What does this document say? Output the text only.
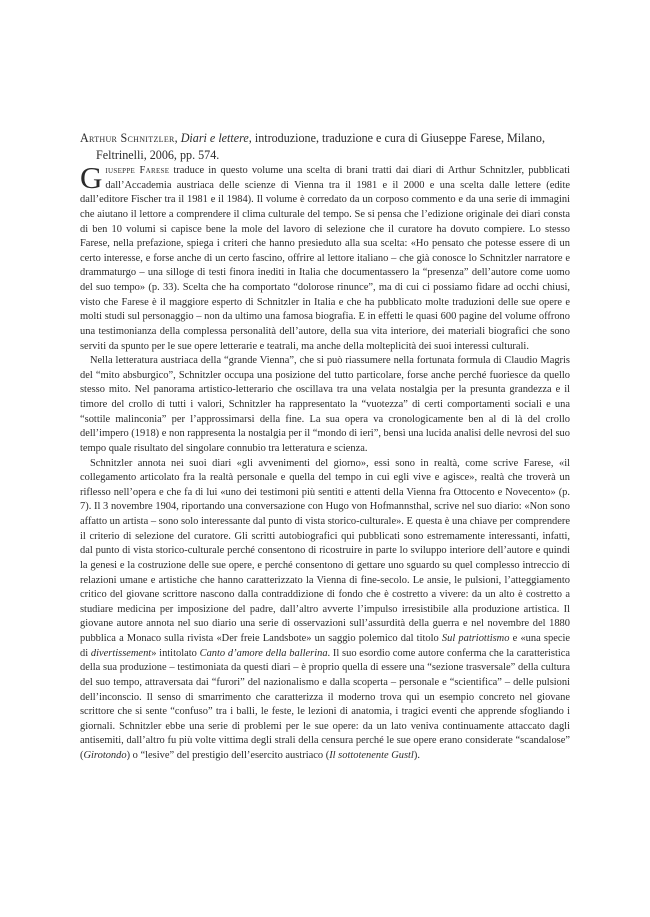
Arthur Schnitzler, Diari e lettere, introduzione, traduzione e cura di Giuseppe Farese, Milano, Feltrinelli, 2006, pp. 574.

Giuseppe Farese traduce in questo volume una scelta di brani tratti dai diari di Arthur Schnitzler, pubblicati dall’Accademia austriaca delle scienze di Vienna tra il 1981 e il 2000 e una scelta dalle lettere (edite dall’editore Fischer tra il 1981 e il 1984). Il volume è corredato da un corposo commento e da una serie di immagini che aiutano il lettore a comprendere il clima culturale del tempo. Se si pensa che l’edizione originale dei diari consta di ben 10 volumi si capisce bene la mole del lavoro di selezione che il curatore ha dovuto compiere. Lo stesso Farese, nella prefazione, spiega i criteri che hanno presieduto alla sua scelta: «Ho pensato che potesse essere di un certo interesse, e forse anche di un certo fascino, offrire al lettore italiano – che già conosce lo Schnitzler narratore e drammaturgo – una silloge di testi finora inediti in Italia che documentassero la “presenza” dell’autore come uomo del suo tempo» (p. 33). Scelta che ha comportato “dolorose rinunce”, ma di cui ci possiamo fidare ad occhi chiusi, visto che Farese è il maggiore esperto di Schnitzler in Italia e che ha pubblicato molte traduzioni delle sue opere e molti studi sul personaggio – non da ultimo una famosa biografia. E in effetti le quasi 600 pagine del volume offrono una testimonianza della complessa personalità dell’autore, della sua vita interiore, dei materiali biografici che sono serviti da spunto per le sue opere letterarie e teatrali, ma anche della molteplicità dei suoi interessi culturali.

Nella letteratura austriaca della “grande Vienna”, che si può riassumere nella fortunata formula di Claudio Magris del “mito absburgico”, Schnitzler occupa una posizione del tutto particolare, forse anche perché fuoriesce da quello stesso mito. Nel panorama artistico-letterario che oscillava tra una velata nostalgia per la presunta grandezza e il timore del crollo di tutti i valori, Schnitzler ha rappresentato la “vuotezza” di certi comportamenti sociali e una “sottile malinconia” per l’approssimarsi della fine. La sua opera va cronologicamente ben al di là del crollo dell’impero (1918) e non rappresenta la nostalgia per il “mondo di ieri”, bensì una lucida analisi delle nevrosi del suo tempo quale risultato del singolare connubio tra letteratura e scienza.

Schnitzler annota nei suoi diari «gli avvenimenti del giorno», essi sono in realtà, come scrive Farese, «il collegamento articolato fra la realtà personale e quella del tempo in cui egli vive e agisce», realtà che troverà un riflesso nell’opera e che fa di lui «uno dei testimoni più sentiti e attenti della Vienna fra Ottocento e Novecento» (p. 7). Il 3 novembre 1904, riportando una conversazione con Hugo von Hofmannsthal, scrive nel suo diario: «Non sono affatto un artista – sono solo interessante dal punto di vista storico-culturale». E questa è una chiave per comprendere il criterio di selezione del curatore. Gli scritti autobiografici qui pubblicati sono estremamente interessanti, infatti, dal punto di vista storico-culturale perché consentono di ricostruire in parte lo sviluppo interiore dell’autore e quindi la genesi e la costruzione delle sue opere, e perché consentono di gettare uno sguardo su quel complesso intreccio di relazioni umane e artistiche che hanno caratterizzato la Vienna di fine-secolo. Le ansie, le pulsioni, l’atteggiamento critico del giovane scrittore nascono dalla contraddizione di fondo che è costretto a vivere: da un alto è costretto a studiare medicina per imposizione del padre, dall’altro avverte l’impulso irresistibile alla produzione artistica. Il giovane autore annota nel suo diario una serie di osservazioni sull’assurdità della guerra e nel novembre del 1880 pubblica a Monaco sulla rivista «Der freie Landsbote» un saggio polemico dal titolo Sul patriottismo e «una specie di divertissement» intitolato Canto d’amore della ballerina. Il suo esordio come autore conferma che la caratteristica della sua produzione – testimoniata da questi diari – è proprio quella di essere una “sezione trasversale” della cultura del suo tempo, attraversata dai “furori” del nazionalismo e dalla scoperta – personale e “scientifica” – delle pulsioni dell’inconscio. Il senso di smarrimento che caratterizza il moderno trova qui un esempio concreto nel giovane scrittore che si sente “confuso” tra i balli, le feste, le lezioni di anatomia, i tragici eventi che apprende sfogliando i giornali. Schnitzler ebbe una serie di problemi per le sue opere: da un lato veniva continuamente attaccato dagli antisemiti, dall’altro fu più volte vittima degli strali della censura perché le sue opere erano considerate “scandalose” (Girotondo) o “lesive” del prestigio dell’esercito austriaco (Il sottotenente Gustl).
